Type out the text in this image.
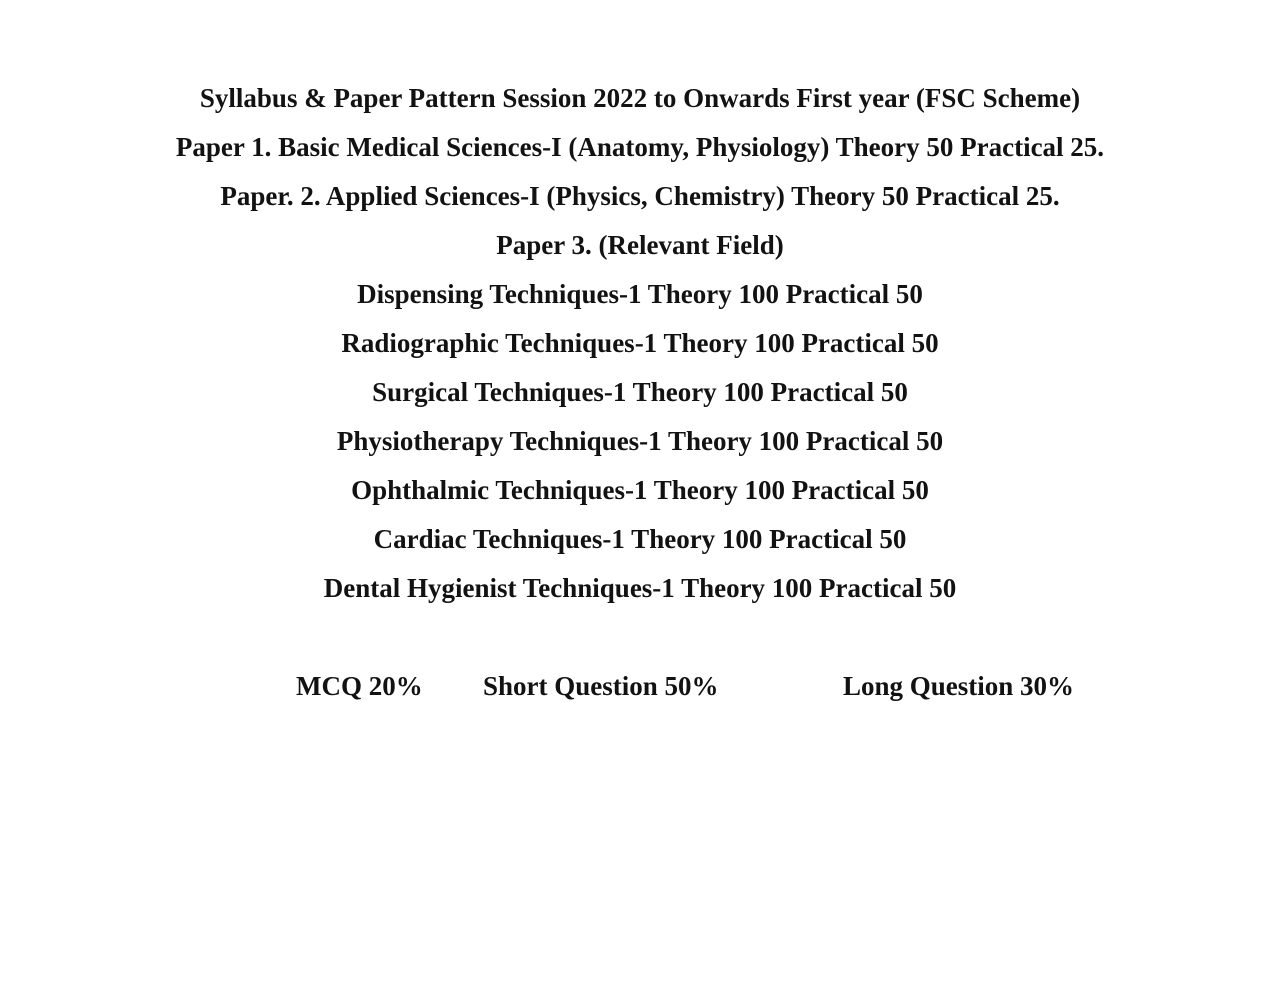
Syllabus & Paper Pattern Session 2022 to Onwards First year (FSC Scheme)
Paper 1. Basic Medical Sciences-I (Anatomy, Physiology) Theory 50 Practical 25.
Paper. 2. Applied Sciences-I (Physics, Chemistry) Theory 50 Practical 25.
Paper 3. (Relevant Field)
Dispensing Techniques-1 Theory 100 Practical 50
Radiographic Techniques-1 Theory 100 Practical 50
Surgical Techniques-1 Theory 100 Practical 50
Physiotherapy Techniques-1 Theory 100 Practical 50
Ophthalmic Techniques-1 Theory 100 Practical 50
Cardiac Techniques-1 Theory 100 Practical 50
Dental Hygienist Techniques-1 Theory 100 Practical 50
MCQ 20% Short Question 50%	Long Question 30%
